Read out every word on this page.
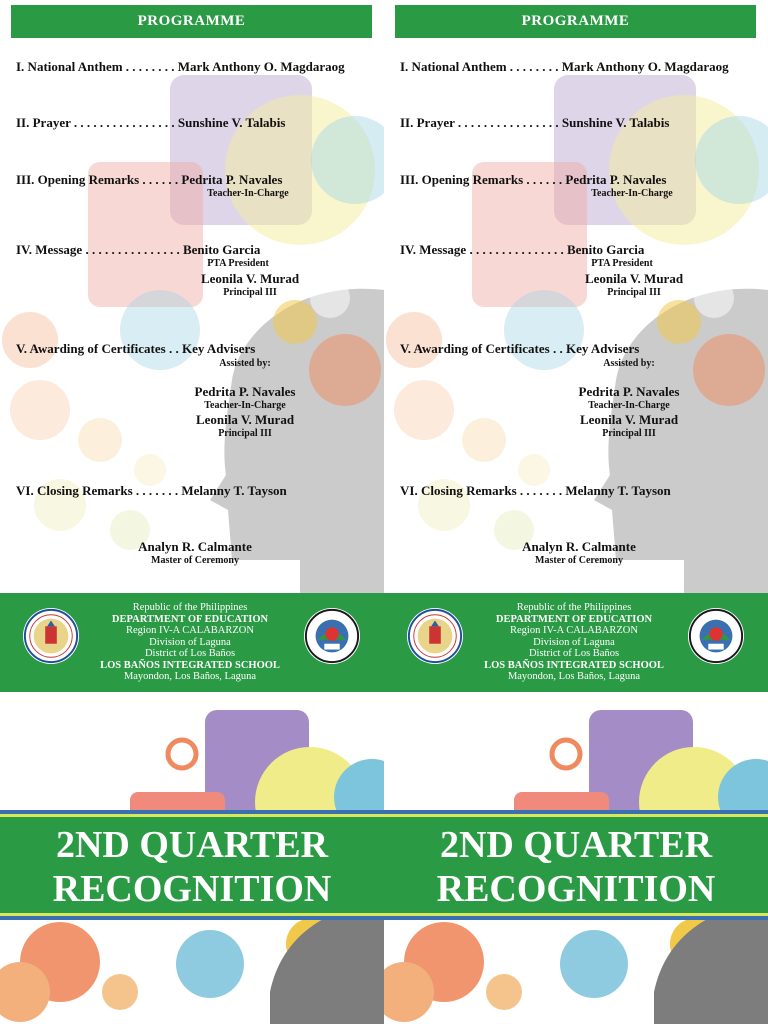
PROGRAMME
I. National Anthem . . . . . . . . Mark Anthony O. Magdaraog
II. Prayer . . . . . . . . . . . . . . . . Sunshine V. Talabis
III. Opening Remarks . . . . . . Pedrita P. Navales
Teacher-In-Charge
IV. Message . . . . . . . . . . . . . . . Benito Garcia
PTA President
Leonila V. Murad
Principal III
V. Awarding of Certificates . . Key Advisers
Assisted by:
Pedrita P. Navales
Teacher-In-Charge
Leonila V. Murad
Principal III
VI. Closing Remarks . . . . . . . Melanny T. Tayson
Analyn R. Calmante
Master of Ceremony
Republic of the Philippines
DEPARTMENT OF EDUCATION
Region IV-A CALABARZON
Division of Laguna
District of Los Baños
LOS BAÑOS INTEGRATED SCHOOL
Mayondon, Los Baños, Laguna
2ND QUARTER
RECOGNITION
PROGRAMME
I. National Anthem . . . . . . . . Mark Anthony O. Magdaraog
II. Prayer . . . . . . . . . . . . . . . . Sunshine V. Talabis
III. Opening Remarks . . . . . . Pedrita P. Navales
Teacher-In-Charge
IV. Message . . . . . . . . . . . . . . . Benito Garcia
PTA President
Leonila V. Murad
Principal III
V. Awarding of Certificates . . Key Advisers
Assisted by:
Pedrita P. Navales
Teacher-In-Charge
Leonila V. Murad
Principal III
VI. Closing Remarks . . . . . . . Melanny T. Tayson
Analyn R. Calmante
Master of Ceremony
Republic of the Philippines
DEPARTMENT OF EDUCATION
Region IV-A CALABARZON
Division of Laguna
District of Los Baños
LOS BAÑOS INTEGRATED SCHOOL
Mayondon, Los Baños, Laguna
2ND QUARTER
RECOGNITION
